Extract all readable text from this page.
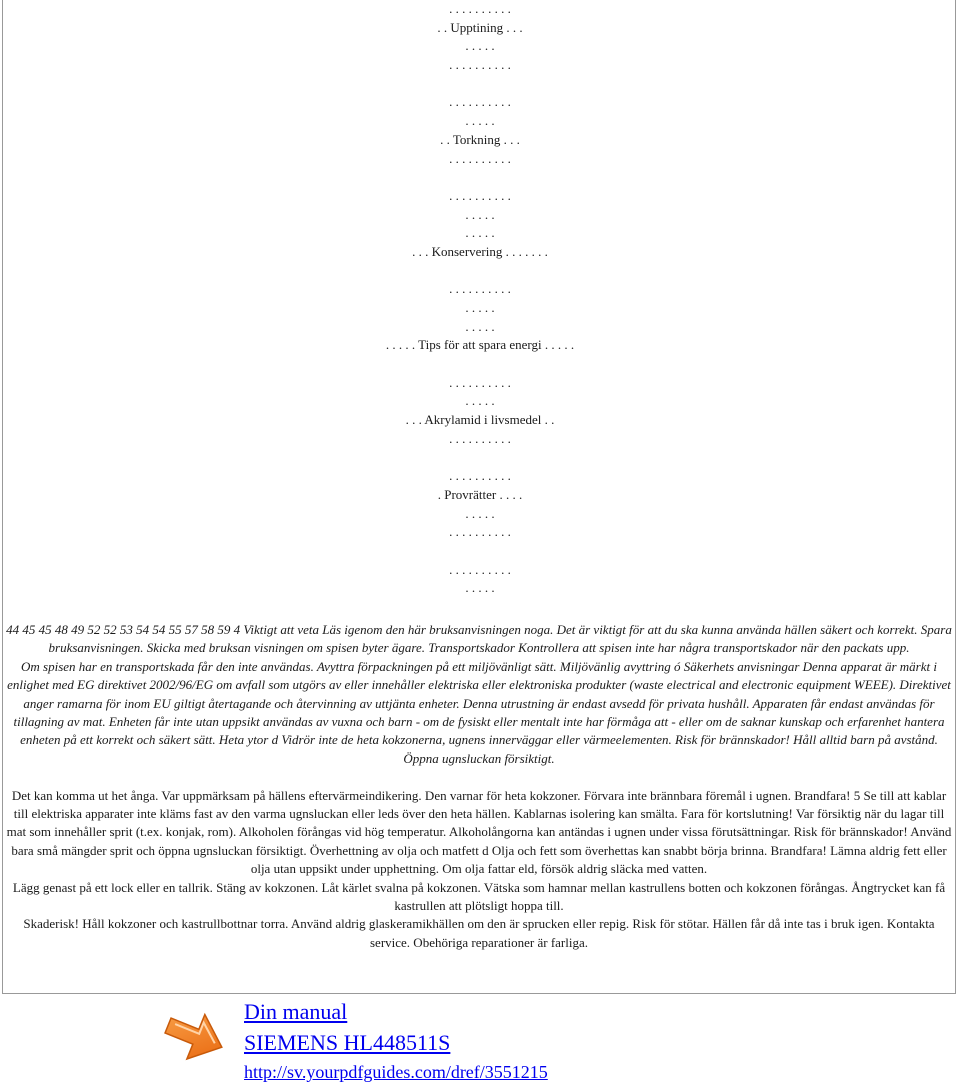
. . . . . . . . . .
. . Upptining . . .
. . . . .
. . . . . . . . . .
. . . . . . . . . .
. . . . .
. . Torkning . . .
. . . . . . . . . .
. . . . . . . . . .
. . . . .
. . . . .
. . . Konservering . . . . . . .
. . . . . . . . . .
. . . . .
. . . . .
. . . . . Tips för att spara energi . . . . .
. . . . . . . . . .
. . . . .
. . . Akrylamid i livsmedel . .
. . . . . . . . . .
. . . . . . . . . .
. Provrätter . . . .
. . . . .
. . . . . . . . . .
. . . . . . . . . .
. . . . .

44 45 45 48 49 52 52 53 54 54 55 57 58 59 4 Viktigt att veta Läs igenom den här bruksanvisningen noga. Det är viktigt för att du ska kunna använda hällen säkert och korrekt. Spara bruksanvisningen. Skicka med bruksan visningen om spisen byter ägare. Transportskador Kontrollera att spisen inte har några transportskador när den packats upp.

Om spisen har en transportskada får den inte användas. Avyttra förpackningen på ett miljövänligt sätt. Miljövänlig avyttring ó Säkerhets anvisningar Denna apparat är märkt i enlighet med EG direktivet 2002/96/EG om avfall som utgörs av eller innehåller elektriska eller elektroniska produkter (waste electrical and electronic equipment WEEE). Direktivet anger ramarna för inom EU giltigt återtagande och återvinning av uttjänta enheter. Denna utrustning är endast avsedd för privata hushåll. Apparaten får endast användas för tillagning av mat. Enheten får inte utan uppsikt användas av vuxna och barn - om de fysiskt eller mentalt inte har förmåga att - eller om de saknar kunskap och erfarenhet hantera enheten på ett korrekt och säkert sätt. Heta ytor d Vidrör inte de heta kokzonerna, ugnens innerväggar eller värmeelementen. Risk för brännskador! Håll alltid barn på avstånd. Öppna ugnsluckan försiktigt.

Det kan komma ut het ånga. Var uppmärksam på hällens eftervärmeindikering. Den varnar för heta kokzoner. Förvara inte brännbara föremål i ugnen. Brandfara! 5 Se till att kablar till elektriska apparater inte kläms fast av den varma ugnsluckan eller leds över den heta hällen. Kablarnas isolering kan smälta. Fara för kortslutning! Var försiktig när du lagar till mat som innehåller sprit (t.ex. konjak, rom). Alkoholen förångas vid hög temperatur. Alkoholångorna kan antändas i ugnen under vissa förutsättningar. Risk för brännskador! Använd bara små mängder sprit och öppna ugnsluckan försiktigt. Överhettning av olja och matfett d Olja och fett som överhettas kan snabbt börja brinna. Brandfara! Lämna aldrig fett eller olja utan uppsikt under upphettning. Om olja fattar eld, försök aldrig släcka med vatten.

Lägg genast på ett lock eller en tallrik. Stäng av kokzonen. Låt kärlet svalna på kokzonen. Vätska som hamnar mellan kastrullens botten och kokzonen förångas. Ångtrycket kan få kastrullen att plötsligt hoppa till.

Skaderisk! Håll kokzoner och kastrullbottnar torra. Använd aldrig glaskeramikhällen om den är sprucken eller repig. Risk för stötar. Hällen får då inte tas i bruk igen. Kontakta service. Obehöriga reparationer är farliga.

Din manual
SIEMENS HL448511S
http://sv.yourpdfguides.com/dref/3551215
